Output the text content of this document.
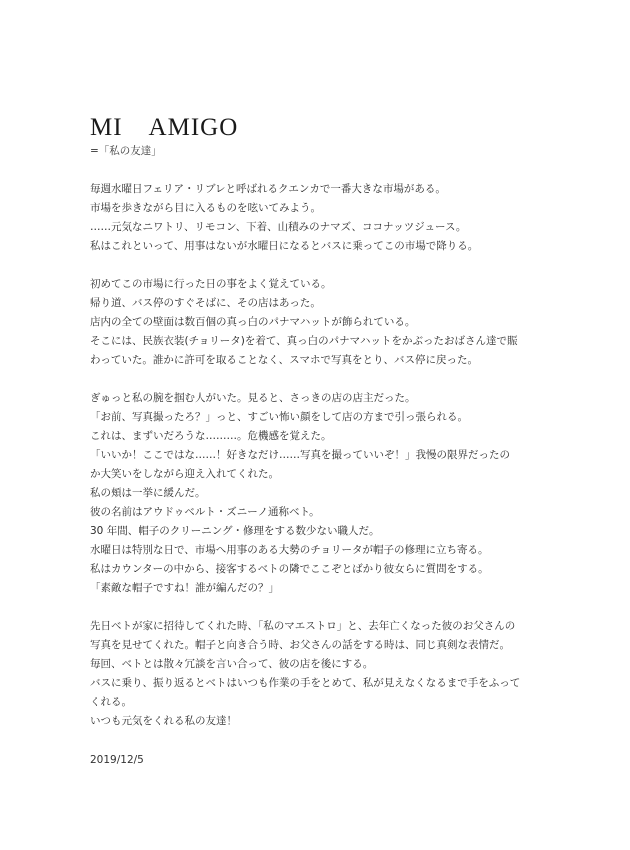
MI　AMIGO
=「私の友達」
毎週水曜日フェリア・リブレと呼ばれるクエンカで一番大きな市場がある。
市場を歩きながら目に入るものを呟いてみよう。
……元気なニワトリ、リモコン、下着、山積みのナマズ、ココナッツジュース。
私はこれといって、用事はないが水曜日になるとバスに乗ってこの市場で降りる。
初めてこの市場に行った日の事をよく覚えている。
帰り道、バス停のすぐそばに、その店はあった。
店内の全ての壁面は数百個の真っ白のパナマハットが飾られている。
そこには、民族衣装(チョリータ)を着て、真っ白のパナマハットをかぶったおばさん達で賑
わっていた。誰かに許可を取ることなく、スマホで写真をとり、バス停に戻った。
ぎゅっと私の腕を掴む人がいた。見ると、さっきの店の店主だった。
「お前、写真撮ったろ？」っと、すごい怖い顔をして店の方まで引っ張られる。
これは、まずいだろうな………。危機感を覚えた。
「いいか！ここではな……！好きなだけ……写真を撮っていいぞ！」我慢の限界だったの
か大笑いをしながら迎え入れてくれた。
私の頬は一挙に緩んだ。
彼の名前はアウドゥベルト・ズニーノ通称ベト。
30 年間、帽子のクリーニング・修理をする数少ない職人だ。
水曜日は特別な日で、市場へ用事のある大勢のチョリータが帽子の修理に立ち寄る。
私はカウンターの中から、接客するベトの隣でここぞとばかり彼女らに質問をする。
「素敵な帽子ですね！誰が編んだの？」
先日ベトが家に招待してくれた時、「私のマエストロ」と、去年亡くなった彼のお父さんの
写真を見せてくれた。帽子と向き合う時、お父さんの話をする時は、同じ真剣な表情だ。
毎回、ベトとは散々冗談を言い合って、彼の店を後にする。
バスに乗り、振り返るとベトはいつも作業の手をとめて、私が見えなくなるまで手をふって
くれる。
いつも元気をくれる私の友達！
2019/12/5
